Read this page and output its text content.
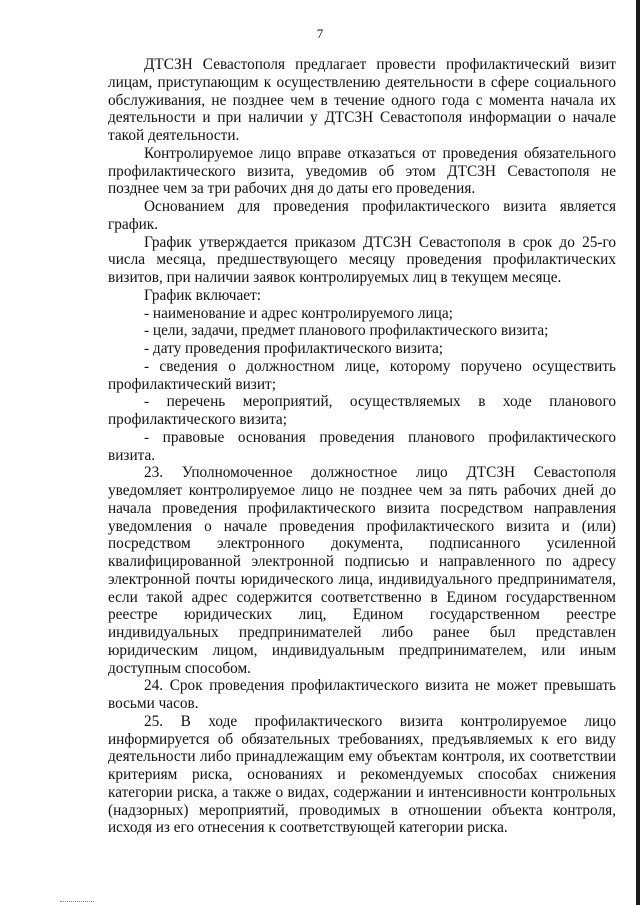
7

ДТСЗН Севастополя предлагает провести профилактический визит лицам, приступающим к осуществлению деятельности в сфере социального обслуживания, не позднее чем в течение одного года с момента начала их деятельности и при наличии у ДТСЗН Севастополя информации о начале такой деятельности.

Контролируемое лицо вправе отказаться от проведения обязательного профилактического визита, уведомив об этом ДТСЗН Севастополя не позднее чем за три рабочих дня до даты его проведения.

Основанием для проведения профилактического визита является график.

График утверждается приказом ДТСЗН Севастополя в срок до 25-го числа месяца, предшествующего месяцу проведения профилактических визитов, при наличии заявок контролируемых лиц в текущем месяце.

График включает:

- наименование и адрес контролируемого лица;

- цели, задачи, предмет планового профилактического визита;

- дату проведения профилактического визита;

- сведения о должностном лице, которому поручено осуществить профилактический визит;

- перечень мероприятий, осуществляемых в ходе планового профилактического визита;

- правовые основания проведения планового профилактического визита.

23. Уполномоченное должностное лицо ДТСЗН Севастополя уведомляет контролируемое лицо не позднее чем за пять рабочих дней до начала проведения профилактического визита посредством направления уведомления о начале проведения профилактического визита и (или) посредством электронного документа, подписанного усиленной квалифицированной электронной подписью и направленного по адресу электронной почты юридического лица, индивидуального предпринимателя, если такой адрес содержится соответственно в Едином государственном реестре юридических лиц, Едином государственном реестре индивидуальных предпринимателей либо ранее был представлен юридическим лицом, индивидуальным предпринимателем, или иным доступным способом.

24. Срок проведения профилактического визита не может превышать восьми часов.

25. В ходе профилактического визита контролируемое лицо информируется об обязательных требованиях, предъявляемых к его виду деятельности либо принадлежащим ему объектам контроля, их соответствии критериям риска, основаниях и рекомендуемых способах снижения категории риска, а также о видах, содержании и интенсивности контрольных (надзорных) мероприятий, проводимых в отношении объекта контроля, исходя из его отнесения к соответствующей категории риска.
